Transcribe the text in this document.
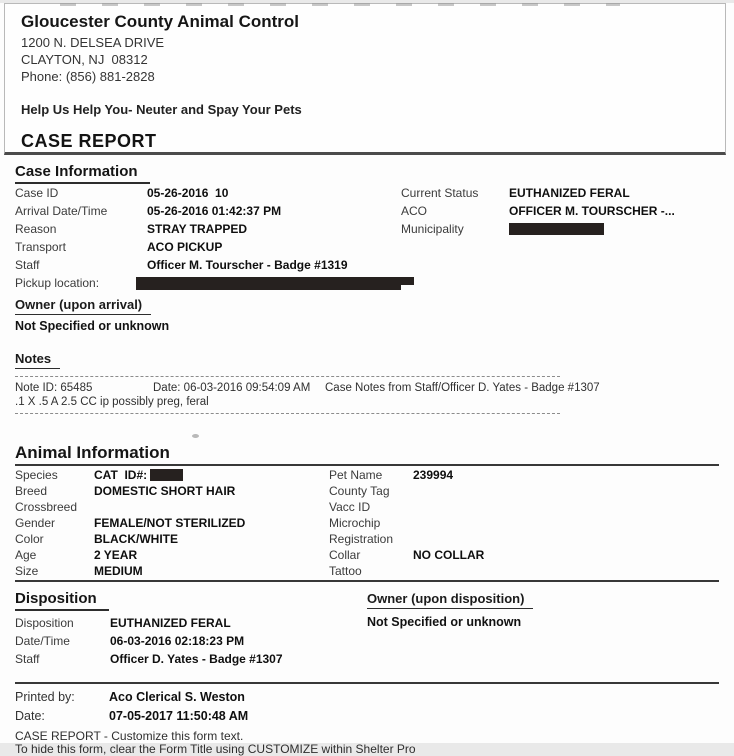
Gloucester County Animal Control
1200 N. DELSEA DRIVE
CLAYTON, NJ  08312
Phone: (856) 881-2828
Help Us Help You- Neuter and Spay Your Pets
CASE REPORT
Case Information
Case ID	05-26-2016  10
Arrival Date/Time	05-26-2016 01:42:37 PM
Reason	STRAY TRAPPED
Transport	ACO PICKUP
Staff	Officer M. Tourscher - Badge #1319
Pickup location:
Current Status	EUTHANIZED FERAL
ACO	OFFICER M. TOURSCHER -...
Municipality
Owner (upon arrival)
Not Specified or unknown
Notes
Note ID: 65485	Date: 06-03-2016 09:54:09 AM	Case Notes from Staff/Officer D. Yates - Badge #1307
.1 X .5 A 2.5 CC ip possibly preg, feral
Animal Information
Species	CAT  ID#:
Breed	DOMESTIC SHORT HAIR
Crossbreed
Gender	FEMALE/NOT STERILIZED
Color	BLACK/WHITE
Age	2 YEAR
Size	MEDIUM
Pet Name	239994
County Tag
Vacc ID
Microchip
Registration
Collar	NO COLLAR
Tattoo
Disposition
Disposition	EUTHANIZED FERAL
Date/Time	06-03-2016 02:18:23 PM
Staff	Officer D. Yates - Badge #1307
Owner (upon disposition)
Not Specified or unknown
Printed by:	Aco Clerical S. Weston
Date:	07-05-2017 11:50:48 AM
CASE REPORT - Customize this form text.
To hide this form, clear the Form Title using CUSTOMIZE within Shelter Pro
